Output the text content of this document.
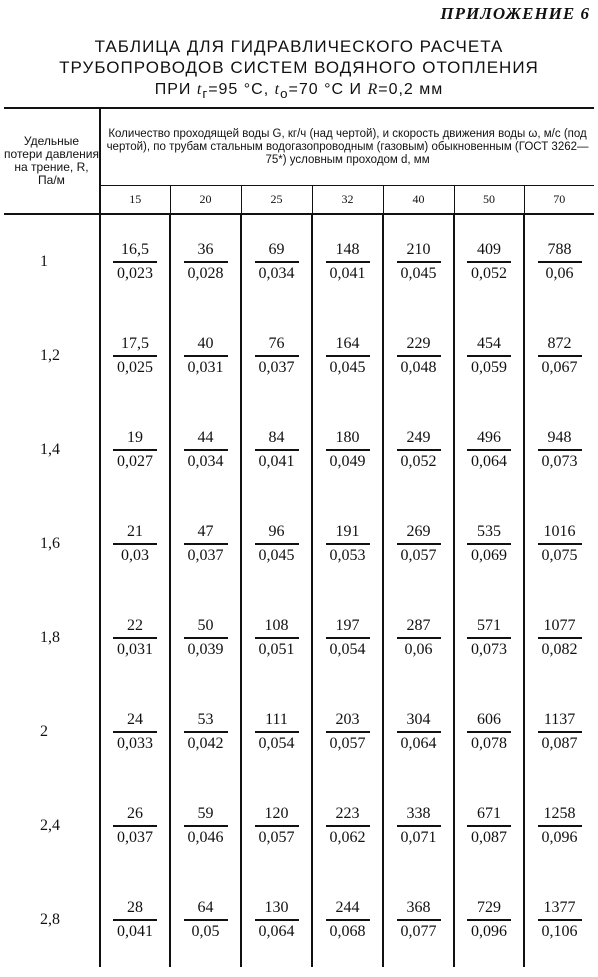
ПРИЛОЖЕНИЕ 6
ТАБЛИЦА ДЛЯ ГИДРАВЛИЧЕСКОГО РАСЧЕТА
ТРУБОПРОВОДОВ СИСТЕМ ВОДЯНОГО ОТОПЛЕНИЯ
ПРИ $t_г=95$ °С, $t_о=70$ °С И R=0,2 мм
Удельные потери давления на трение, R, Па/м	Количество проходящей воды G, кг/ч (над чертой), и скорость движения воды ω, м/с (под чертой), по трубам стальным водогазопроводным (газовым) обыкновенным (ГОСТ 3262—75*) условным проходом d, мм						
	15	20	25	32	40	50	70
1	$\frac{16,5}{0,023}$	$\frac{36}{0,028}$	$\frac{69}{0,034}$	$\frac{148}{0,041}$	$\frac{210}{0,045}$	$\frac{409}{0,052}$	$\frac{788}{0,06}$

1,2	$\frac{17,5}{0,025}$	$\frac{40}{0,031}$	$\frac{76}{0,037}$	$\frac{164}{0,045}$	$\frac{229}{0,048}$	$\frac{454}{0,059}$	$\frac{872}{0,067}$

1,4	$\frac{19}{0,027}$	$\frac{44}{0,034}$	$\frac{84}{0,041}$	$\frac{180}{0,049}$	$\frac{249}{0,052}$	$\frac{496}{0,064}$	$\frac{948}{0,073}$

1,6	$\frac{21}{0,03}$	$\frac{47}{0,037}$	$\frac{96}{0,045}$	$\frac{191}{0,053}$	$\frac{269}{0,057}$	$\frac{535}{0,069}$	$\frac{1016}{0,075}$

1,8	$\frac{22}{0,031}$	$\frac{50}{0,039}$	$\frac{108}{0,051}$	$\frac{197}{0,054}$	$\frac{287}{0,06}$	$\frac{571}{0,073}$	$\frac{1077}{0,082}$

2	$\frac{24}{0,033}$	$\frac{53}{0,042}$	$\frac{111}{0,054}$	$\frac{203}{0,057}$	$\frac{304}{0,064}$	$\frac{606}{0,078}$	$\frac{1137}{0,087}$

2,4	$\frac{26}{0,037}$	$\frac{59}{0,046}$	$\frac{120}{0,057}$	$\frac{223}{0,062}$	$\frac{338}{0,071}$	$\frac{671}{0,087}$	$\frac{1258}{0,096}$

2,8	$\frac{28}{0,041}$	$\frac{64}{0,05}$	$\frac{130}{0,064}$	$\frac{244}{0,068}$	$\frac{368}{0,077}$	$\frac{729}{0,096}$	$\frac{1377}{0,106}$
